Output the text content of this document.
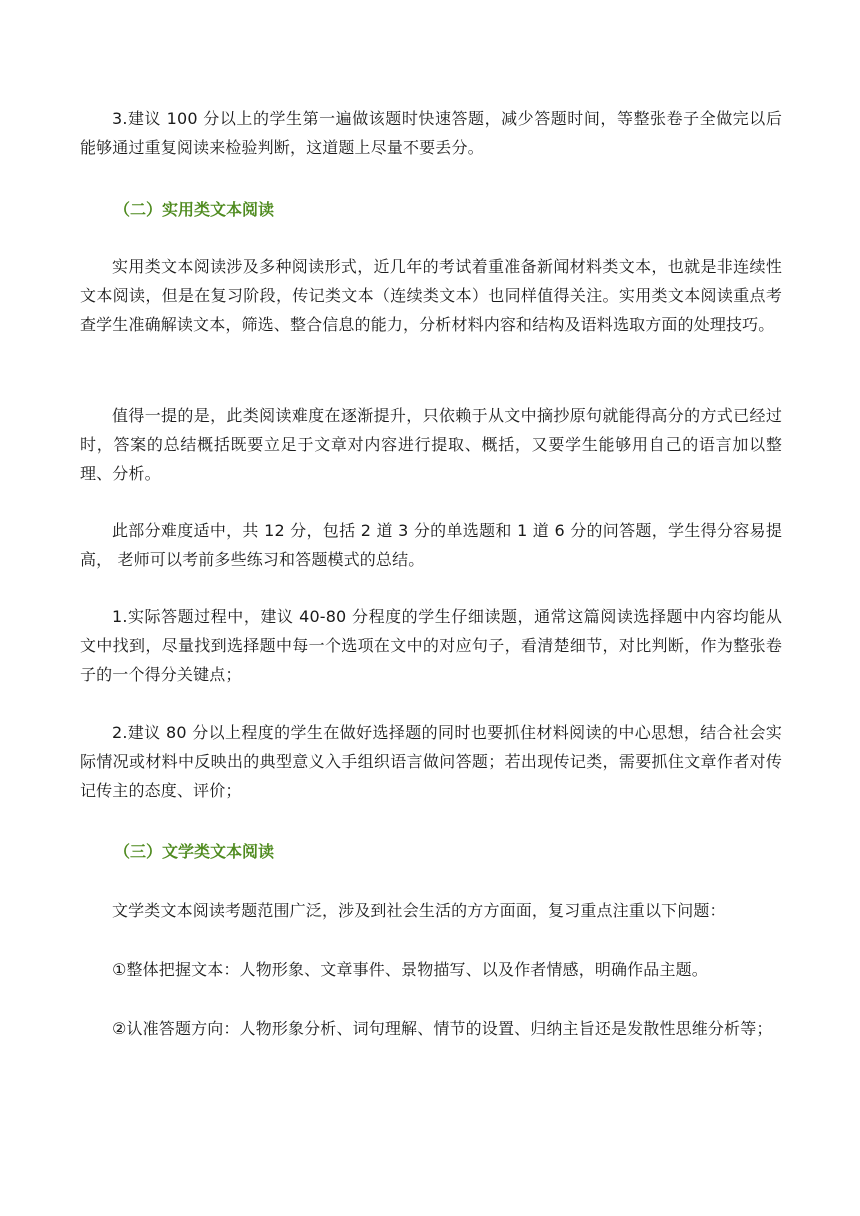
3.建议 100 分以上的学生第一遍做该题时快速答题，减少答题时间，等整张卷子全做完以后能够通过重复阅读来检验判断，这道题上尽量不要丢分。

（二）实用类文本阅读

实用类文本阅读涉及多种阅读形式，近几年的考试着重准备新闻材料类文本，也就是非连续性文本阅读，但是在复习阶段，传记类文本（连续类文本）也同样值得关注。实用类文本阅读重点考查学生准确解读文本，筛选、整合信息的能力，分析材料内容和结构及语料选取方面的处理技巧。

值得一提的是，此类阅读难度在逐渐提升，只依赖于从文中摘抄原句就能得高分的方式已经过时，答案的总结概括既要立足于文章对内容进行提取、概括，又要学生能够用自己的语言加以整理、分析。

此部分难度适中，共 12 分，包括 2 道 3 分的单选题和 1 道 6 分的问答题，学生得分容易提高， 老师可以考前多些练习和答题模式的总结。

1.实际答题过程中，建议 40-80 分程度的学生仔细读题，通常这篇阅读选择题中内容均能从文中找到，尽量找到选择题中每一个选项在文中的对应句子，看清楚细节，对比判断，作为整张卷子的一个得分关键点；

2.建议 80 分以上程度的学生在做好选择题的同时也要抓住材料阅读的中心思想，结合社会实际情况或材料中反映出的典型意义入手组织语言做问答题；若出现传记类，需要抓住文章作者对传记传主的态度、评价；

（三）文学类文本阅读

文学类文本阅读考题范围广泛，涉及到社会生活的方方面面，复习重点注重以下问题：

①整体把握文本：人物形象、文章事件、景物描写、以及作者情感，明确作品主题。

②认准答题方向：人物形象分析、词句理解、情节的设置、归纳主旨还是发散性思维分析等；
